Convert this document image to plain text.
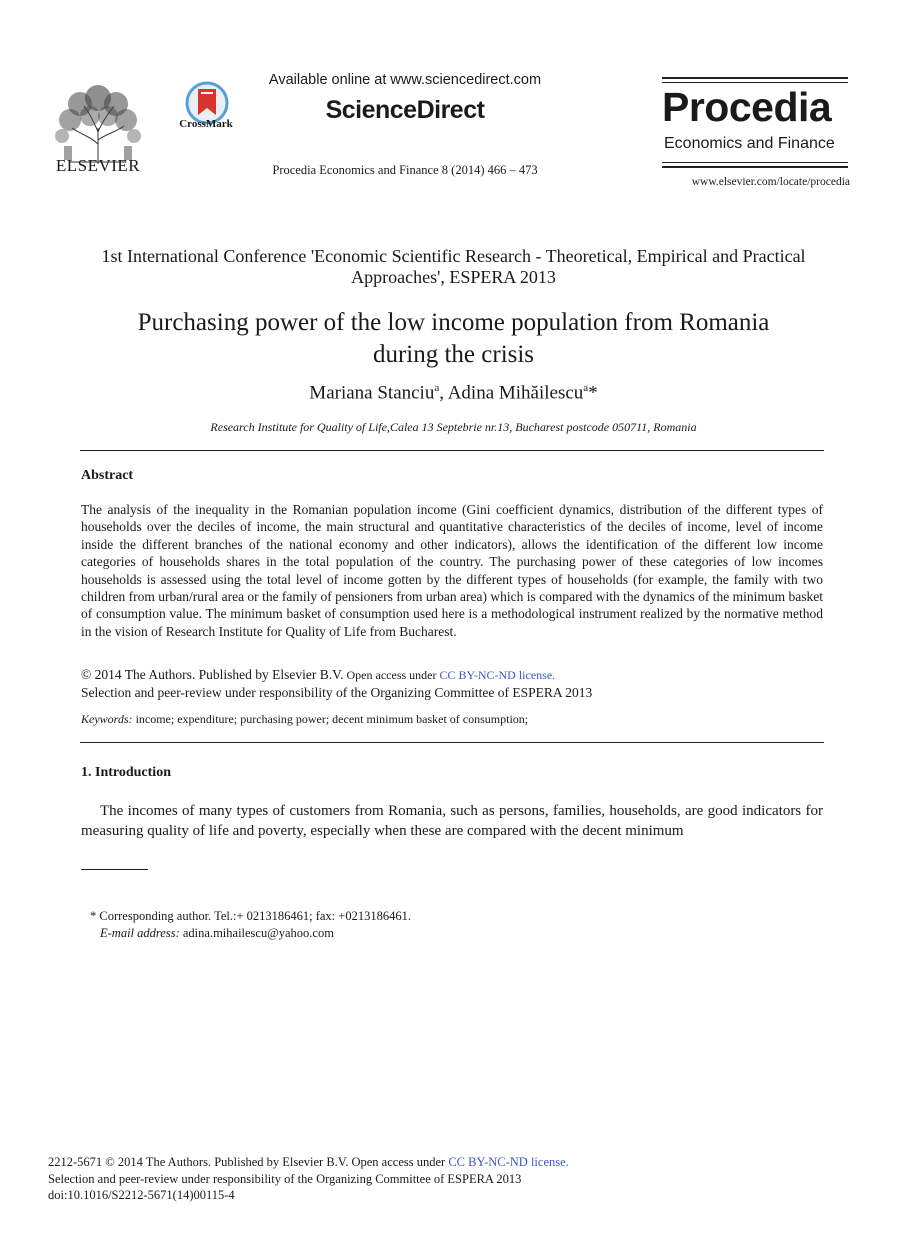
ELSEVIER
CrossMark
Available online at www.sciencedirect.com
ScienceDirect
Procedia Economics and Finance 8 (2014) 466 – 473
Procedia
Economics and Finance
www.elsevier.com/locate/procedia
1st International Conference 'Economic Scientific Research - Theoretical, Empirical and Practical
Approaches', ESPERA 2013
Purchasing power of the low income population from Romania
during the crisis
Mariana Stanciu$^a$, Adina Mihăilescu$^a$*
Research Institute for Quality of Life,Calea 13 Septebrie nr.13, Bucharest postcode 050711, Romania
Abstract
The analysis of the inequality in the Romanian population income (Gini coefficient dynamics, distribution of the different types of households over the deciles of income, the main structural and quantitative characteristics of the deciles of income, level of income inside the different branches of the national economy and other indicators), allows the identification of the different low income categories of households shares in the total population of the country. The purchasing power of these categories of low incomes households is assessed using the total level of income gotten by the different types of households (for example, the family with two children from urban/rural area or the family of pensioners from urban area) which is compared with the dynamics of the minimum basket of consumption value. The minimum basket of consumption used here is a methodological instrument realized by the normative method in the vision of Research Institute for Quality of Life from Bucharest.
© 2014 The Authors. Published by Elsevier B.V. Open access under CC BY-NC-ND license.
Selection and peer-review under responsibility of the Organizing Committee of ESPERA 2013
Keywords: income; expenditure; purchasing power; decent minimum basket of consumption;
1. Introduction
The incomes of many types of customers from Romania, such as persons, families, households, are good indicators for measuring quality of life and poverty, especially when these are compared with the decent minimum
* Corresponding author. Tel.:+ 0213186461; fax: +0213186461.
E-mail address: adina.mihailescu@yahoo.com
2212-5671 © 2014 The Authors. Published by Elsevier B.V. Open access under CC BY-NC-ND license.
Selection and peer-review under responsibility of the Organizing Committee of ESPERA 2013
doi:10.1016/S2212-5671(14)00115-4
